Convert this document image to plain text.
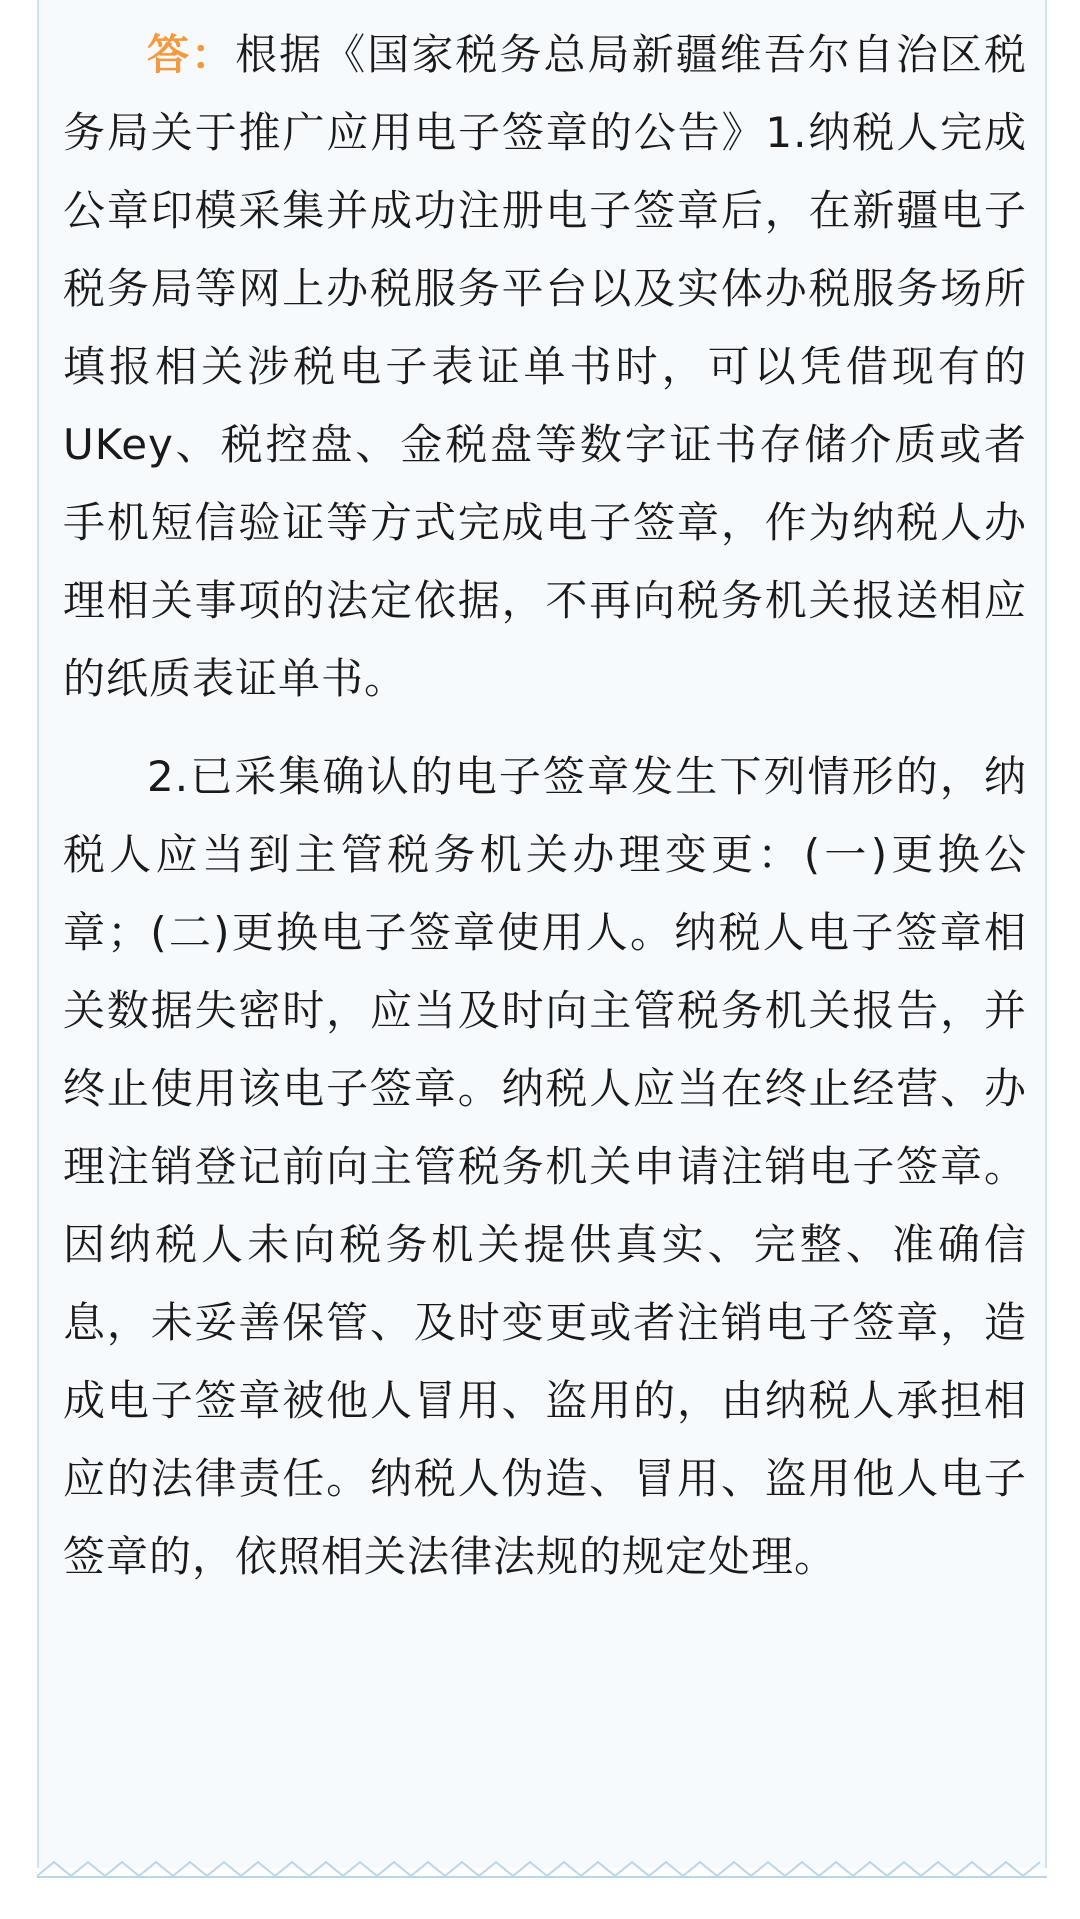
答：根据《国家税务总局新疆维吾尔自治区税务局关于推广应用电子签章的公告》1.纳税人完成公章印模采集并成功注册电子签章后，在新疆电子税务局等网上办税服务平台以及实体办税服务场所填报相关涉税电子表证单书时，可以凭借现有的UKey、税控盘、金税盘等数字证书存储介质或者手机短信验证等方式完成电子签章，作为纳税人办理相关事项的法定依据，不再向税务机关报送相应的纸质表证单书。

2.已采集确认的电子签章发生下列情形的，纳税人应当到主管税务机关办理变更：(一)更换公章；(二)更换电子签章使用人。纳税人电子签章相关数据失密时，应当及时向主管税务机关报告，并终止使用该电子签章。纳税人应当在终止经营、办理注销登记前向主管税务机关申请注销电子签章。因纳税人未向税务机关提供真实、完整、准确信息，未妥善保管、及时变更或者注销电子签章，造成电子签章被他人冒用、盗用的，由纳税人承担相应的法律责任。纳税人伪造、冒用、盗用他人电子签章的，依照相关法律法规的规定处理。
